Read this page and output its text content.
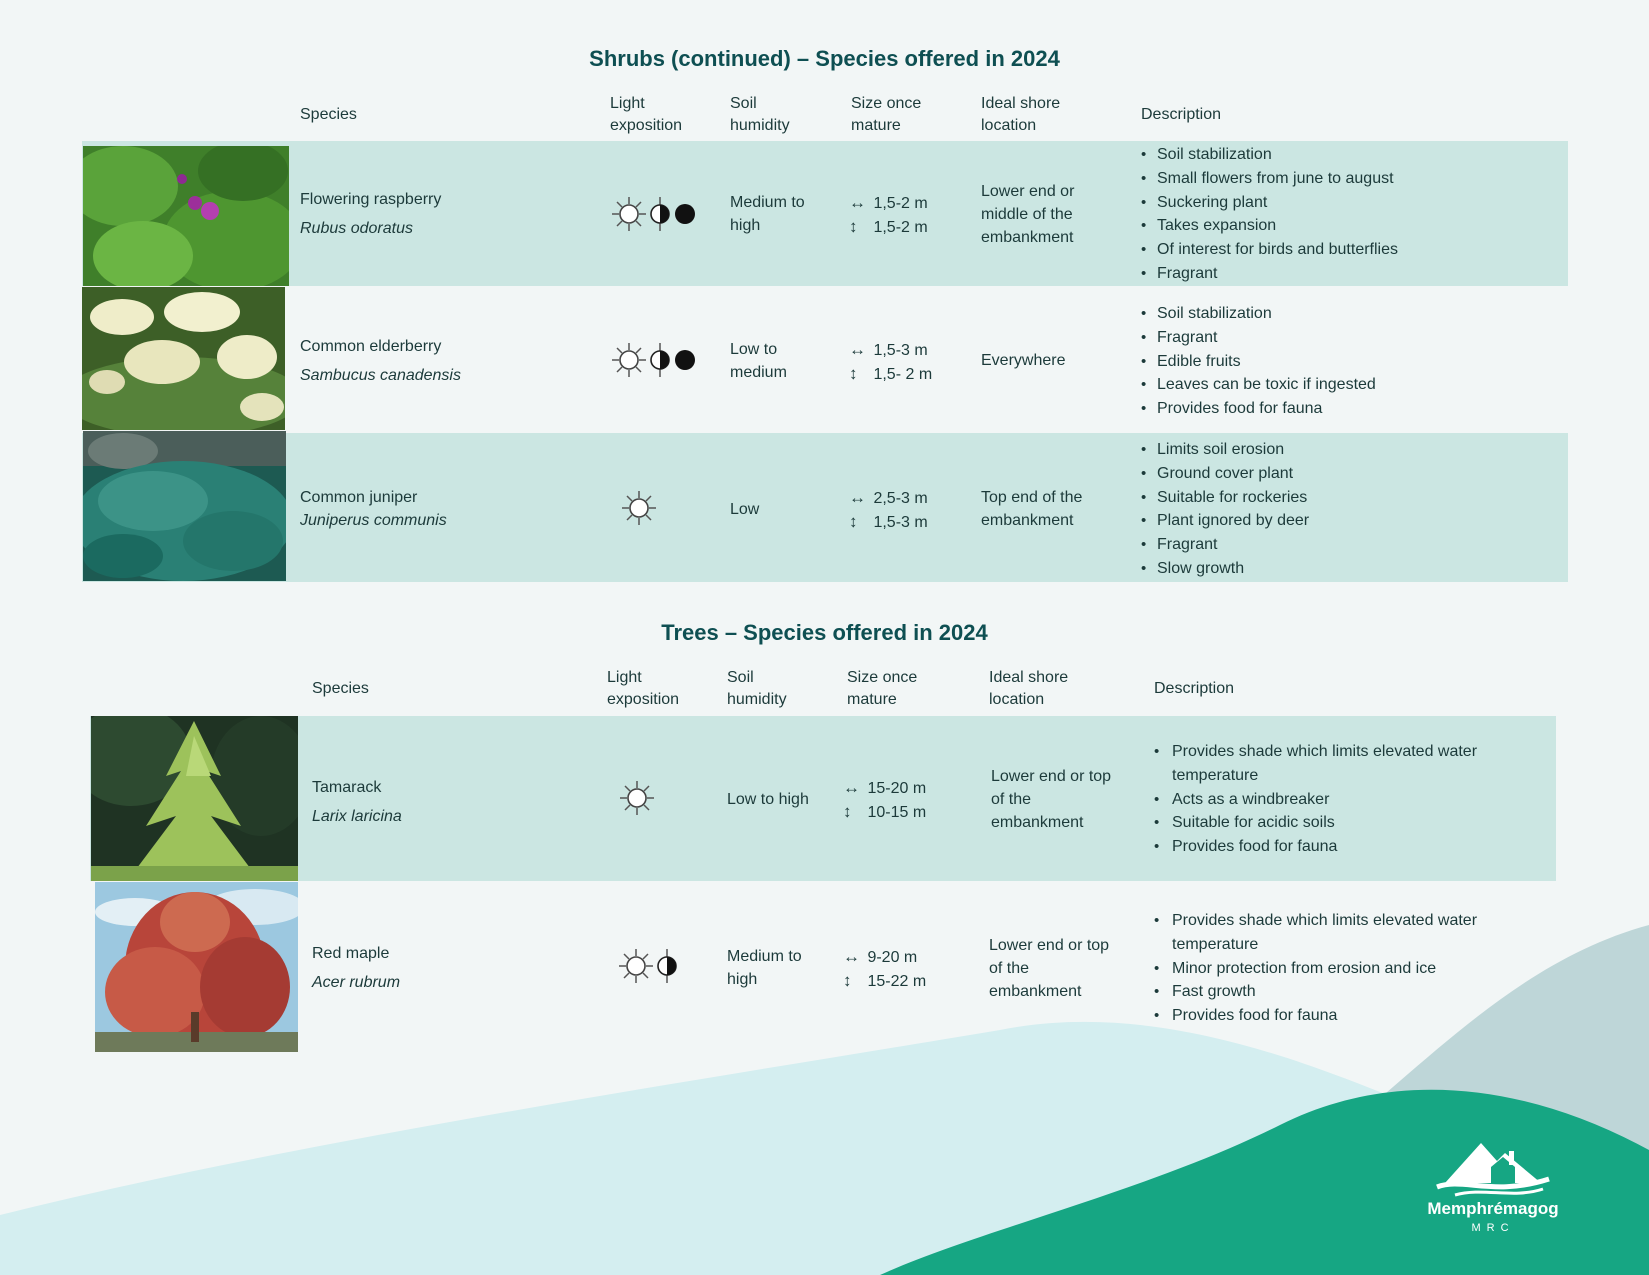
Shrubs (continued) – Species offered in 2024
Species
Light
exposition
Soil
humidity
Size once
mature
Ideal shore
location
Description
Flowering raspberry
Rubus odoratus
Medium to
high
↔ 1,5-2 m
↕ 1,5-2 m
Lower end or
middle of the
embankment
• Soil stabilization
• Small flowers from june to august
• Suckering plant
• Takes expansion
• Of interest for birds and butterflies
• Fragrant
Common elderberry
Sambucus canadensis
Low to
medium
↔ 1,5-3 m
↕ 1,5- 2 m
Everywhere
• Soil stabilization
• Fragrant
• Edible fruits
• Leaves can be toxic if ingested
• Provides food for fauna
Common juniper
Juniperus communis
Low
↔ 2,5-3 m
↕ 1,5-3 m
Top end of the
embankment
• Limits soil erosion
• Ground cover plant
• Suitable for rockeries
• Plant ignored by deer
• Fragrant
• Slow growth
Trees – Species offered in 2024
Species
Light
exposition
Soil
humidity
Size once
mature
Ideal shore
location
Description
Tamarack
Larix laricina
Low to high
↔ 15-20 m
↕ 10-15 m
Lower end or top
of the
embankment
• Provides shade which limits elevated water
temperature
• Acts as a windbreaker
• Suitable for acidic soils
• Provides food for fauna
Red maple
Acer rubrum
Medium to
high
↔ 9-20 m
↕ 15-22 m
Lower end or top
of the
embankment
• Provides shade which limits elevated water
temperature
• Minor protection from erosion and ice
• Fast growth
• Provides food for fauna
Memphrémagog
MRC
